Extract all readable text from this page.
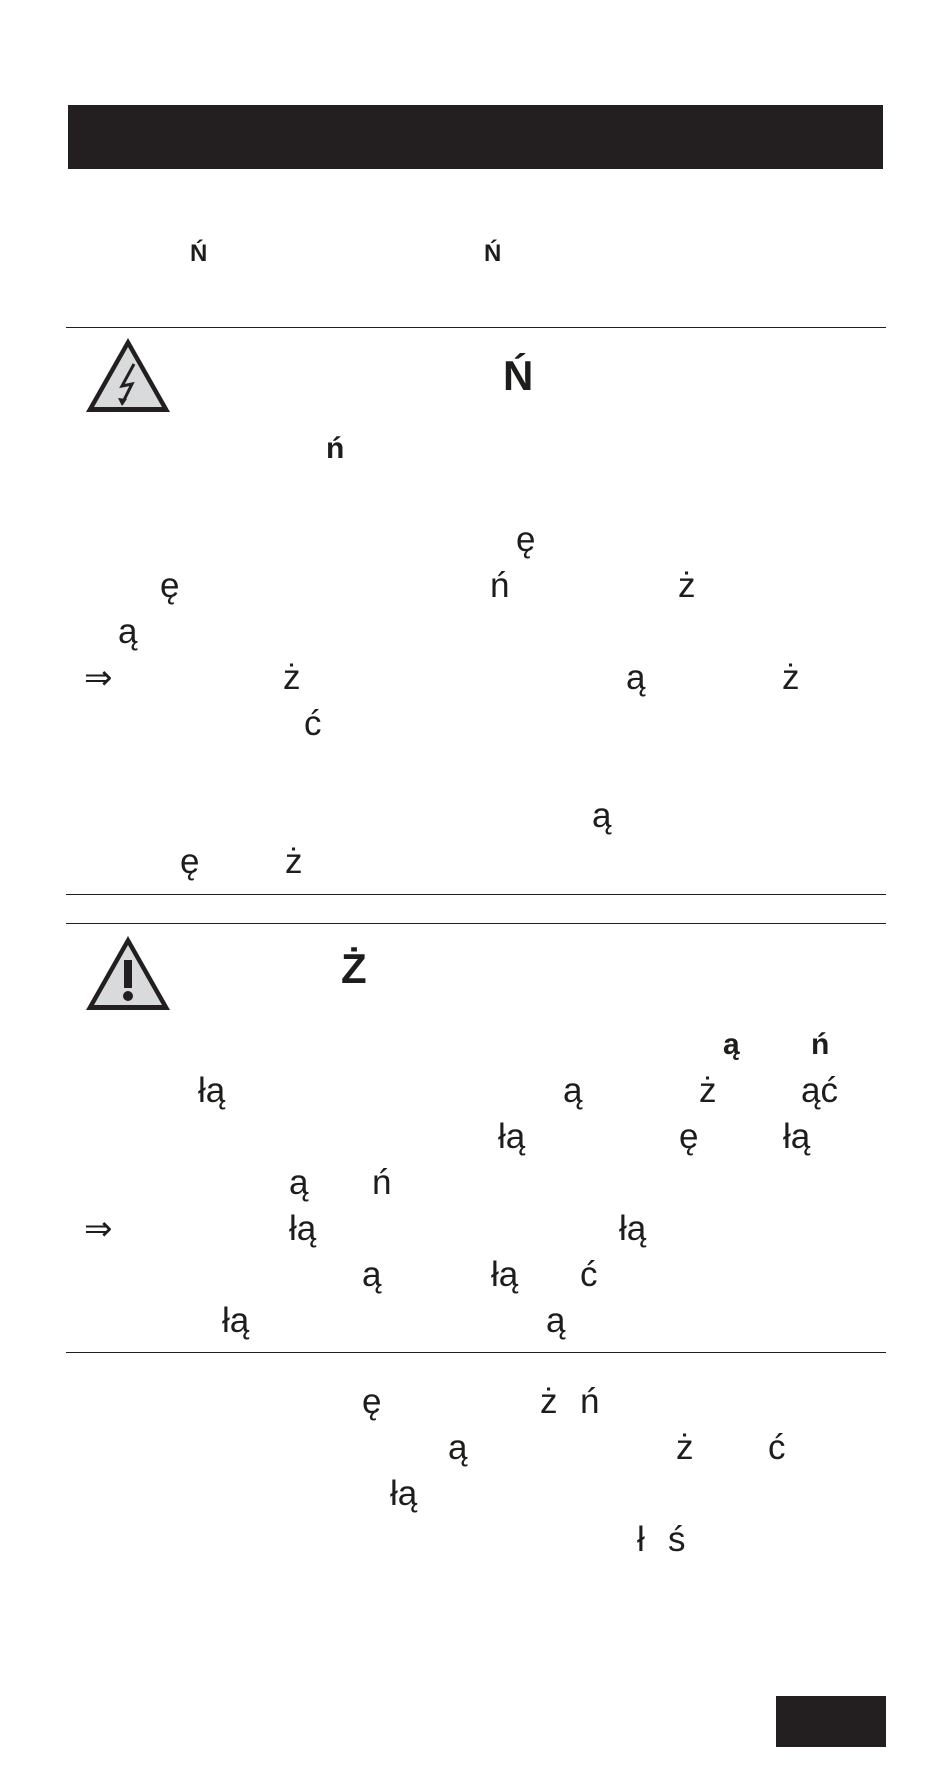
Ń	Ń
Ń
ń
ę
ę	ń	ż
ą
⇒	ż	ą	ż
ć
ą
ę ż
Ż
ą ń
łą	ą	ż ąć
łą	ę łą
ą ń
⇒	łą	łą
ą	łą ć
łą	ą
ę	ż ń
ą	ż ć
łą
ł ś
